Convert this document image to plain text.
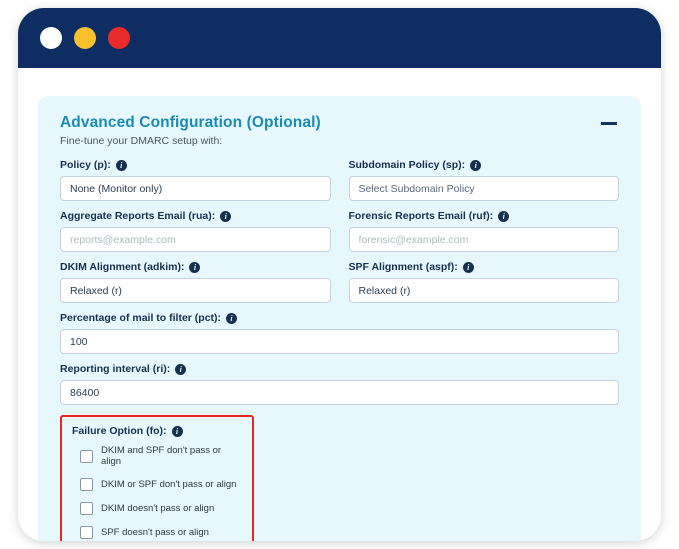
Advanced Configuration (Optional)

Fine-tune your DMARC setup with:

Policy (p):	i
None (Monitor only)	Subdomain Policy (sp):	i
Select Subdomain Policy
Aggregate Reports Email (rua):	i
reports@example.com	Forensic Reports Email (ruf):	i
forensic@example.com
DKIM Alignment (adkim):	i
Relaxed (r)	SPF Alignment (aspf):	i
Relaxed (r)
Percentage of mail to filter (pct):	i
100
Reporting interval (ri):	i
86400
Failure Option (fo):	i
DKIM and SPF don't pass or align
DKIM or SPF don't pass or align
DKIM doesn't pass or align
SPF doesn't pass or align
